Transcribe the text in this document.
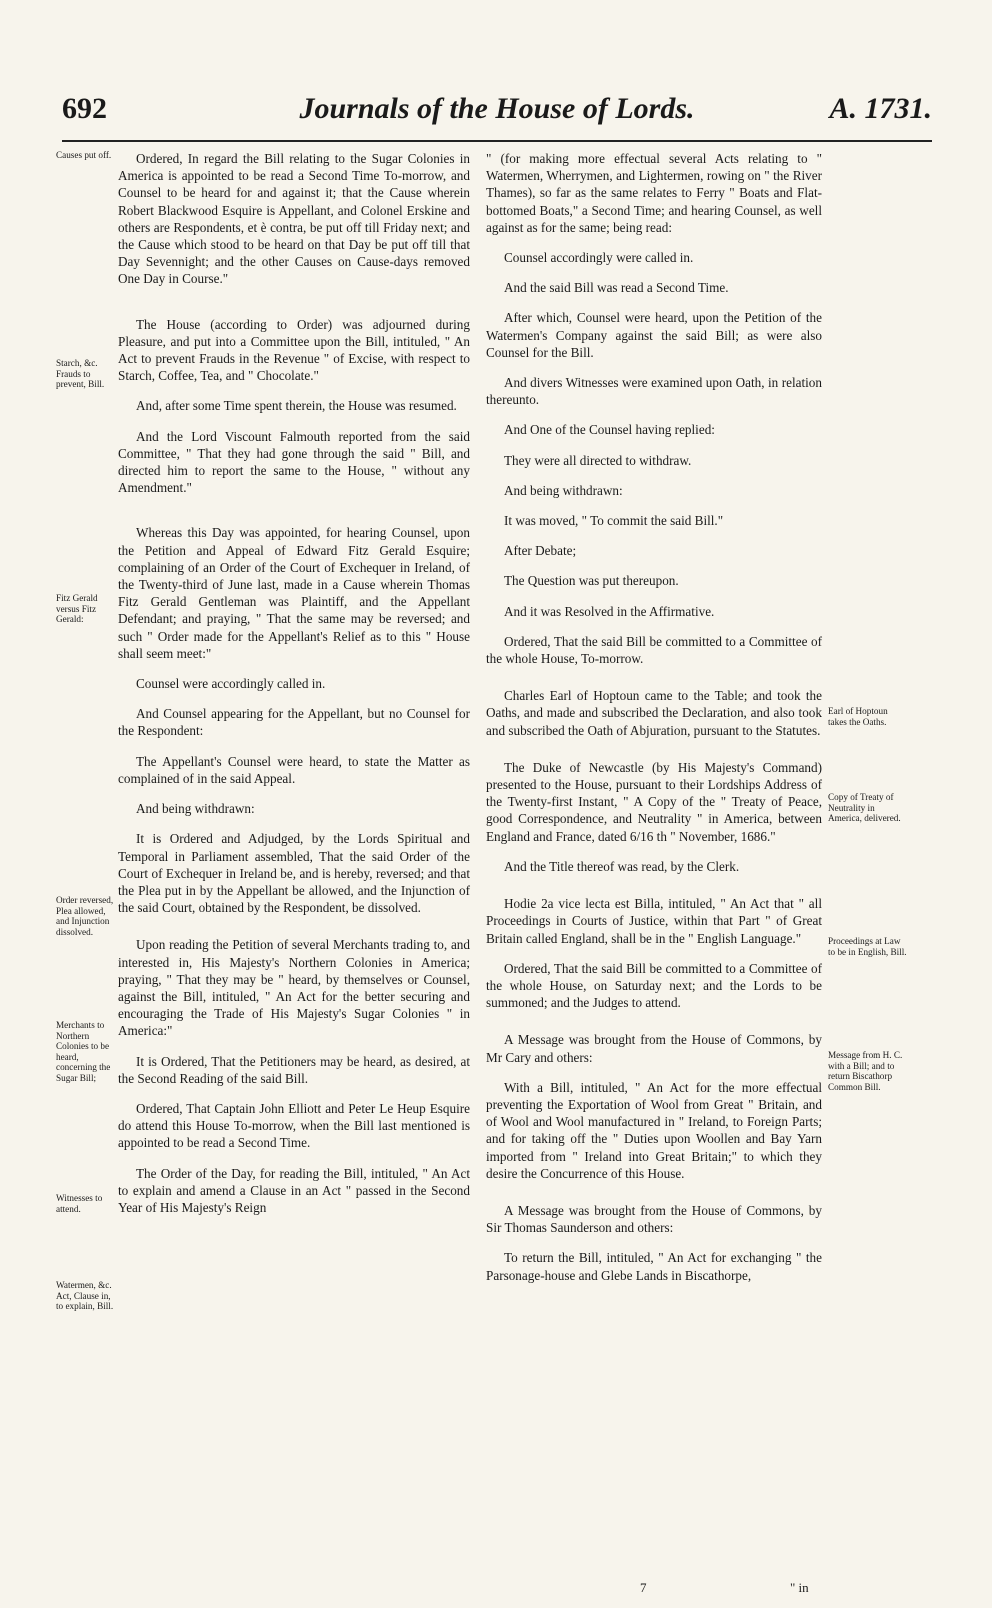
692	Journals of the House of Lords.	A. 1731.
Causes put off.
Starch, &c. Frauds to prevent, Bill.
Fitz Gerald versus Fitz Gerald:
Order reversed, Plea allowed, and Injunction dissolved.
Merchants to Northern Colonies to be heard, concerning the Sugar Bill;
Witnesses to attend.
Watermen, &c. Act, Clause in, to explain, Bill.
Earl of Hoptoun takes the Oaths.
Copy of Treaty of Neutrality in America, delivered.
Proceedings at Law to be in English, Bill.
Message from H. C. with a Bill; and to return Biscathorp Common Bill.

Ordered, In regard the Bill relating to the Sugar Colonies in America is appointed to be read a Second Time To-morrow, and Counsel to be heard for and against it; that the Cause wherein Robert Blackwood Esquire is Appellant, and Colonel Erskine and others are Respondents, et è contra, be put off till Friday next; and the Cause which stood to be heard on that Day be put off till that Day Sevennight; and the other Causes on Cause-days removed One Day in Course."

The House (according to Order) was adjourned during Pleasure, and put into a Committee upon the Bill, intituled, " An Act to prevent Frauds in the Revenue " of Excise, with respect to Starch, Coffee, Tea, and " Chocolate."

And, after some Time spent therein, the House was resumed.

And the Lord Viscount Falmouth reported from the said Committee, " That they had gone through the said " Bill, and directed him to report the same to the House, " without any Amendment."

Whereas this Day was appointed, for hearing Counsel, upon the Petition and Appeal of Edward Fitz Gerald Esquire; complaining of an Order of the Court of Exchequer in Ireland, of the Twenty-third of June last, made in a Cause wherein Thomas Fitz Gerald Gentleman was Plaintiff, and the Appellant Defendant; and praying, " That the same may be reversed; and such " Order made for the Appellant's Relief as to this " House shall seem meet:"

Counsel were accordingly called in.

And Counsel appearing for the Appellant, but no Counsel for the Respondent:

The Appellant's Counsel were heard, to state the Matter as complained of in the said Appeal.

And being withdrawn:

It is Ordered and Adjudged, by the Lords Spiritual and Temporal in Parliament assembled, That the said Order of the Court of Exchequer in Ireland be, and is hereby, reversed; and that the Plea put in by the Appellant be allowed, and the Injunction of the said Court, obtained by the Respondent, be dissolved.

Upon reading the Petition of several Merchants trading to, and interested in, His Majesty's Northern Colonies in America; praying, " That they may be " heard, by themselves or Counsel, against the Bill, intituled, " An Act for the better securing and encouraging the Trade of His Majesty's Sugar Colonies " in America:"

It is Ordered, That the Petitioners may be heard, as desired, at the Second Reading of the said Bill.

Ordered, That Captain John Elliott and Peter Le Heup Esquire do attend this House To-morrow, when the Bill last mentioned is appointed to be read a Second Time.

The Order of the Day, for reading the Bill, intituled, " An Act to explain and amend a Clause in an Act " passed in the Second Year of His Majesty's Reign

" (for making more effectual several Acts relating to " Watermen, Wherrymen, and Lightermen, rowing on " the River Thames), so far as the same relates to Ferry " Boats and Flat-bottomed Boats," a Second Time; and hearing Counsel, as well against as for the same; being read:

Counsel accordingly were called in.

And the said Bill was read a Second Time.

After which, Counsel were heard, upon the Petition of the Watermen's Company against the said Bill; as were also Counsel for the Bill.

And divers Witnesses were examined upon Oath, in relation thereunto.

And One of the Counsel having replied:

They were all directed to withdraw.

And being withdrawn:

It was moved, " To commit the said Bill."

After Debate;

The Question was put thereupon.

And it was Resolved in the Affirmative.

Ordered, That the said Bill be committed to a Committee of the whole House, To-morrow.

Charles Earl of Hoptoun came to the Table; and took the Oaths, and made and subscribed the Declaration, and also took and subscribed the Oath of Abjuration, pursuant to the Statutes.

The Duke of Newcastle (by His Majesty's Command) presented to the House, pursuant to their Lordships Address of the Twenty-first Instant, " A Copy of the " Treaty of Peace, good Correspondence, and Neutrality " in America, between England and France, dated 6/16 th " November, 1686."

And the Title thereof was read, by the Clerk.

Hodie 2a vice lecta est Billa, intituled, " An Act that " all Proceedings in Courts of Justice, within that Part " of Great Britain called England, shall be in the " English Language."

Ordered, That the said Bill be committed to a Committee of the whole House, on Saturday next; and the Lords to be summoned; and the Judges to attend.

A Message was brought from the House of Commons, by Mr Cary and others:

With a Bill, intituled, " An Act for the more effectual preventing the Exportation of Wool from Great " Britain, and of Wool and Wool manufactured in " Ireland, to Foreign Parts; and for taking off the " Duties upon Woollen and Bay Yarn imported from " Ireland into Great Britain;" to which they desire the Concurrence of this House.

A Message was brought from the House of Commons, by Sir Thomas Saunderson and others:

To return the Bill, intituled, " An Act for exchanging " the Parsonage-house and Glebe Lands in Biscathorpe,

7	" in
